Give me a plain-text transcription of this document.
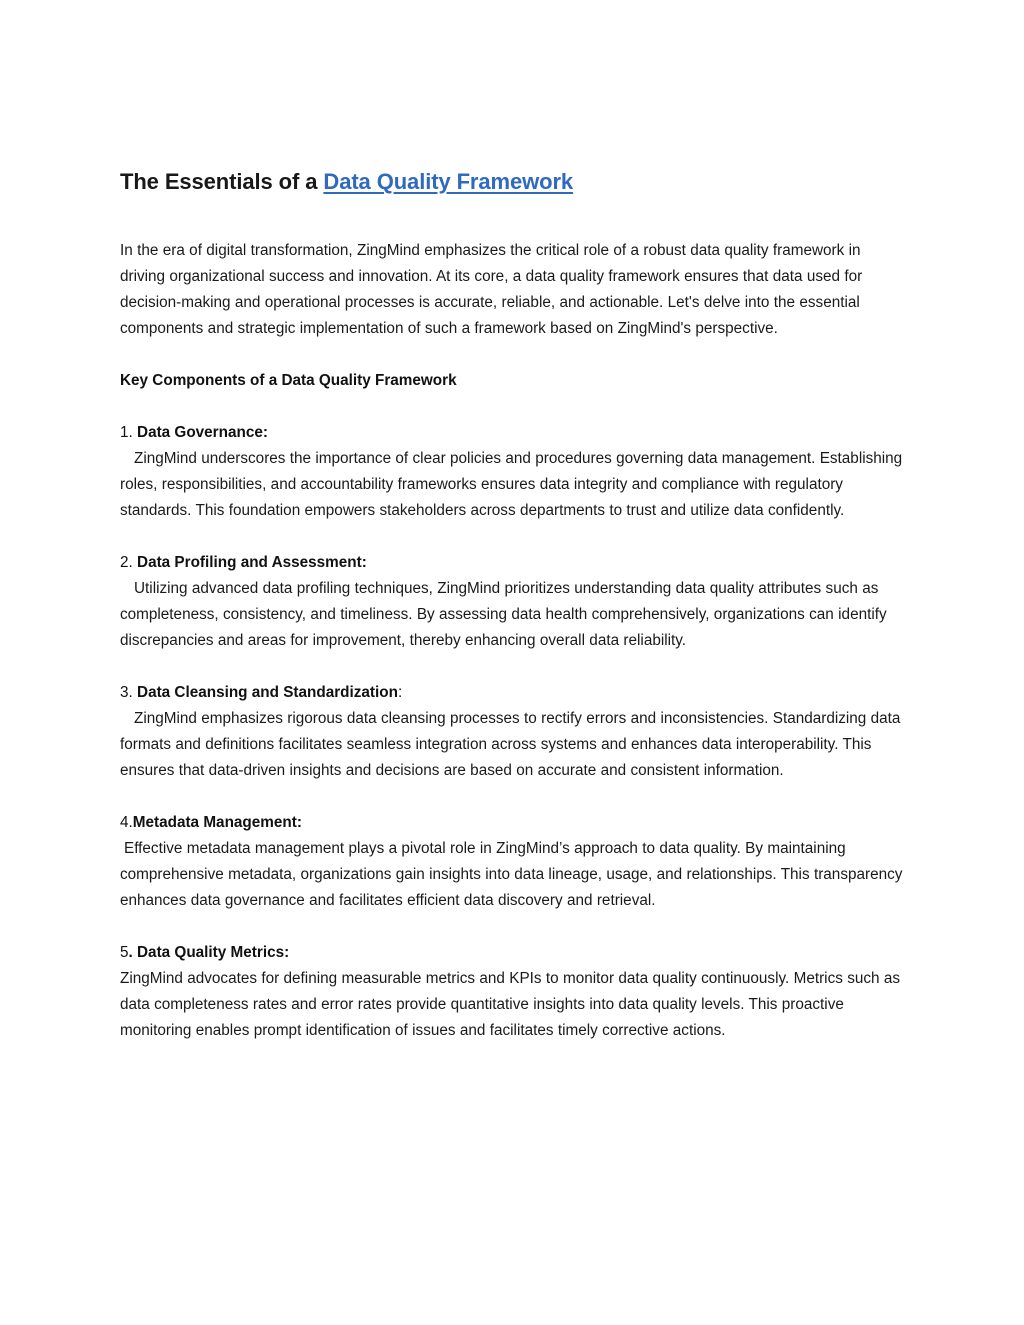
The Essentials of a Data Quality Framework

In the era of digital transformation, ZingMind emphasizes the critical role of a robust data quality framework in driving organizational success and innovation. At its core, a data quality framework ensures that data used for decision-making and operational processes is accurate, reliable, and actionable. Let's delve into the essential components and strategic implementation of such a framework based on ZingMind's perspective.

Key Components of a Data Quality Framework

1. Data Governance:

ZingMind underscores the importance of clear policies and procedures governing data management. Establishing roles, responsibilities, and accountability frameworks ensures data integrity and compliance with regulatory standards. This foundation empowers stakeholders across departments to trust and utilize data confidently.

2. Data Profiling and Assessment:

Utilizing advanced data profiling techniques, ZingMind prioritizes understanding data quality attributes such as completeness, consistency, and timeliness. By assessing data health comprehensively, organizations can identify discrepancies and areas for improvement, thereby enhancing overall data reliability.

3. Data Cleansing and Standardization:

ZingMind emphasizes rigorous data cleansing processes to rectify errors and inconsistencies. Standardizing data formats and definitions facilitates seamless integration across systems and enhances data interoperability. This ensures that data-driven insights and decisions are based on accurate and consistent information.

4.Metadata Management:

Effective metadata management plays a pivotal role in ZingMind’s approach to data quality. By maintaining comprehensive metadata, organizations gain insights into data lineage, usage, and relationships. This transparency enhances data governance and facilitates efficient data discovery and retrieval.

5. Data Quality Metrics:

ZingMind advocates for defining measurable metrics and KPIs to monitor data quality continuously. Metrics such as data completeness rates and error rates provide quantitative insights into data quality levels. This proactive monitoring enables prompt identification of issues and facilitates timely corrective actions.
